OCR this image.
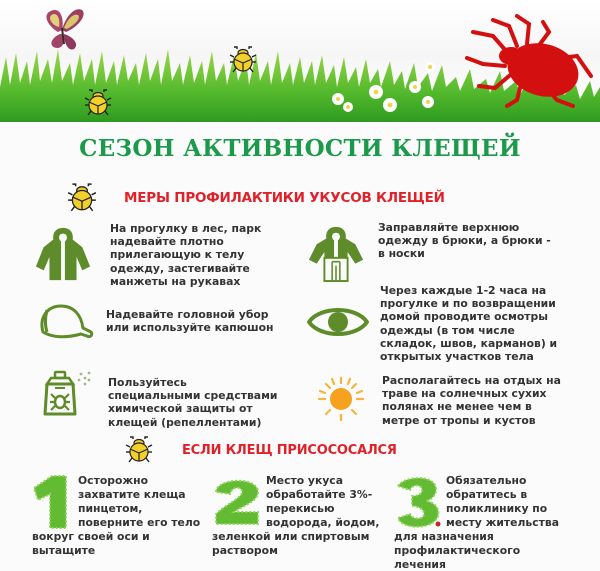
СЕЗОН АКТИВНОСТИ КЛЕЩЕЙ
МЕРЫ ПРОФИЛАКТИКИ УКУСОВ КЛЕЩЕЙ
На прогулку в лес, парк надевайте плотно прилегающую к телу одежду, застегивайте манжеты на рукавах
Заправляйте верхнюю одежду в брюки, а брюки - в носки
Надевайте головной убор или используйте капюшон
Через каждые 1-2 часа на прогулке и по возвращении домой проводите осмотры одежды (в том числе складок, швов, карманов) и открытых участков тела
Пользуйтесь специальными средствами химической защиты от клещей (репеллентами)
Располагайтесь на отдых на траве на солнечных сухих полянах не менее чем в метре от тропы и кустов
ЕСЛИ КЛЕЩ ПРИСОСОСАЛСЯ
Осторожно
захватите клеща
пинцетом,
поверните его тело
вокруг своей оси и
вытащите
Место укуса
обработайте 3%-
перекисью
водорода, йодом,
зеленкой или спиртовым
раствором
Обязательно
обратитесь в
поликлинику по
месту жительства
для назначения
профилактического
лечения
